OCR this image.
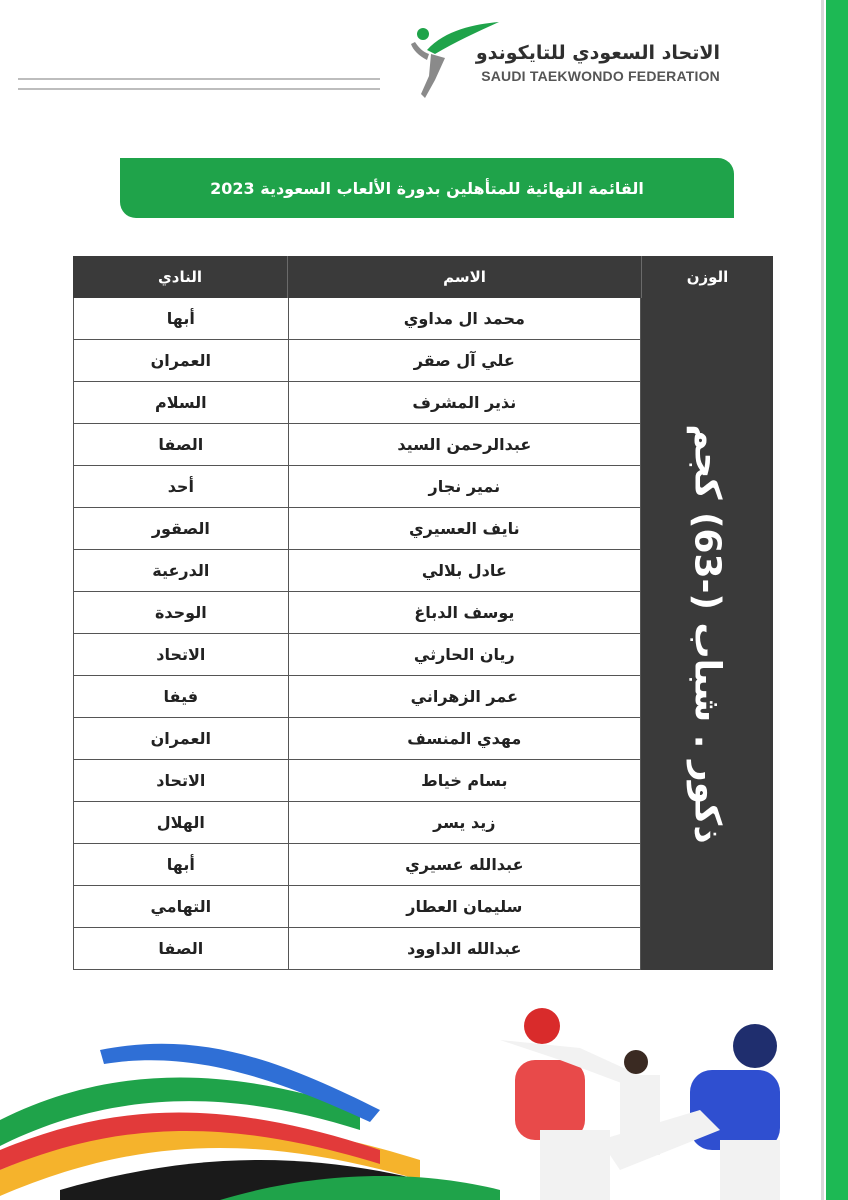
الاتحاد السعودي للتايكوندو
SAUDI TAEKWONDO FEDERATION
القائمة النهائية للمتأهلين بدورة الألعاب السعودية 2023
الوزن
الاسم
النادي
ذكور . شباب (-63) كجم
محمد ال مداوي
أبها
علي آل صقر
العمران
نذير المشرف
السلام
عبدالرحمن السيد
الصفا
نمير نجار
أحد
نايف العسيري
الصقور
عادل بلالي
الدرعية
يوسف الدباغ
الوحدة
ريان الحارثي
الاتحاد
عمر الزهراني
فيفا
مهدي المنسف
العمران
بسام خياط
الاتحاد
زيد يسر
الهلال
عبدالله عسيري
أبها
سليمان العطار
التهامي
عبدالله الداوود
الصفا
